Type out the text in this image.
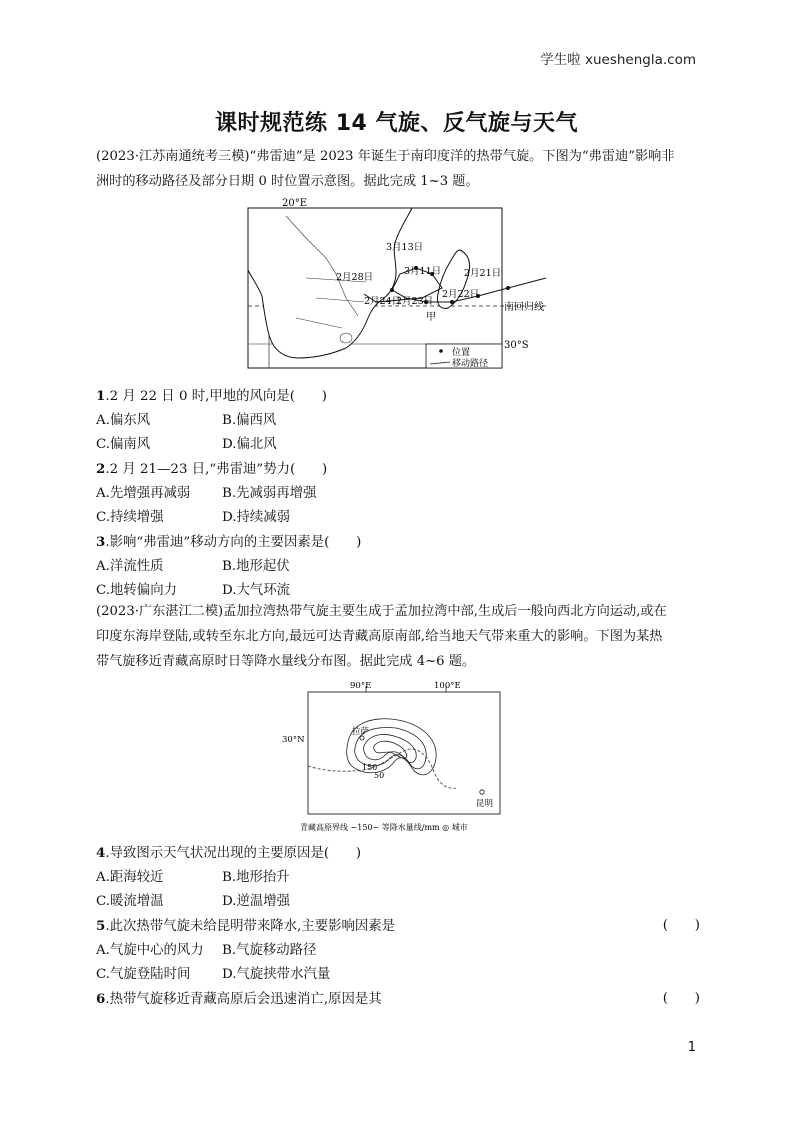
学生啦 xueshengla.com
课时规范练 14 气旋、反气旋与天气
(2023·江苏南通统考三模)“弗雷迪”是 2023 年诞生于南印度洋的热带气旋。下图为“弗雷迪”影响非
洲时的移动路径及部分日期 0 时位置示意图。据此完成 1~3 题。
20°E
30°S
南回归线
3月13日
3月11日
2月28日	2月21日
2月22日
2月24日
2月23日
甲
位置
移动路径
1.2 月 22 日 0 时,甲地的风向是(　　)
A.偏东风	B.偏西风
C.偏南风	D.偏北风
2.2 月 21—23 日,“弗雷迪”势力(　　)
A.先增强再减弱 B.先减弱再增强
C.持续增强	D.持续减弱
3.影响“弗雷迪”移动方向的主要因素是(　　)
A.洋流性质	B.地形起伏
C.地转偏向力	D.大气环流
(2023·广东湛江二模)孟加拉湾热带气旋主要生成于孟加拉湾中部,生成后一般向西北方向运动,或在
印度东海岸登陆,或转至东北方向,最远可达青藏高原南部,给当地天气带来重大的影响。下图为某热
带气旋移近青藏高原时日等降水量线分布图。据此完成 4~6 题。
90°E	100°E
30°N
拉萨
150
50
昆明
青藏高原界线 ~150~ 等降水量线/mm ◎ 城市
4.导致图示天气状况出现的主要原因是(　　)
A.距海较近	B.地形抬升
C.暖流增温	D.逆温增强
5.此次热带气旋未给昆明带来降水,主要影响因素是	(　　)
A.气旋中心的风力 B.气旋移动路径
C.气旋登陆时间 D.气旋挟带水汽量
6.热带气旋移近青藏高原后会迅速消亡,原因是其	(　　)
1
